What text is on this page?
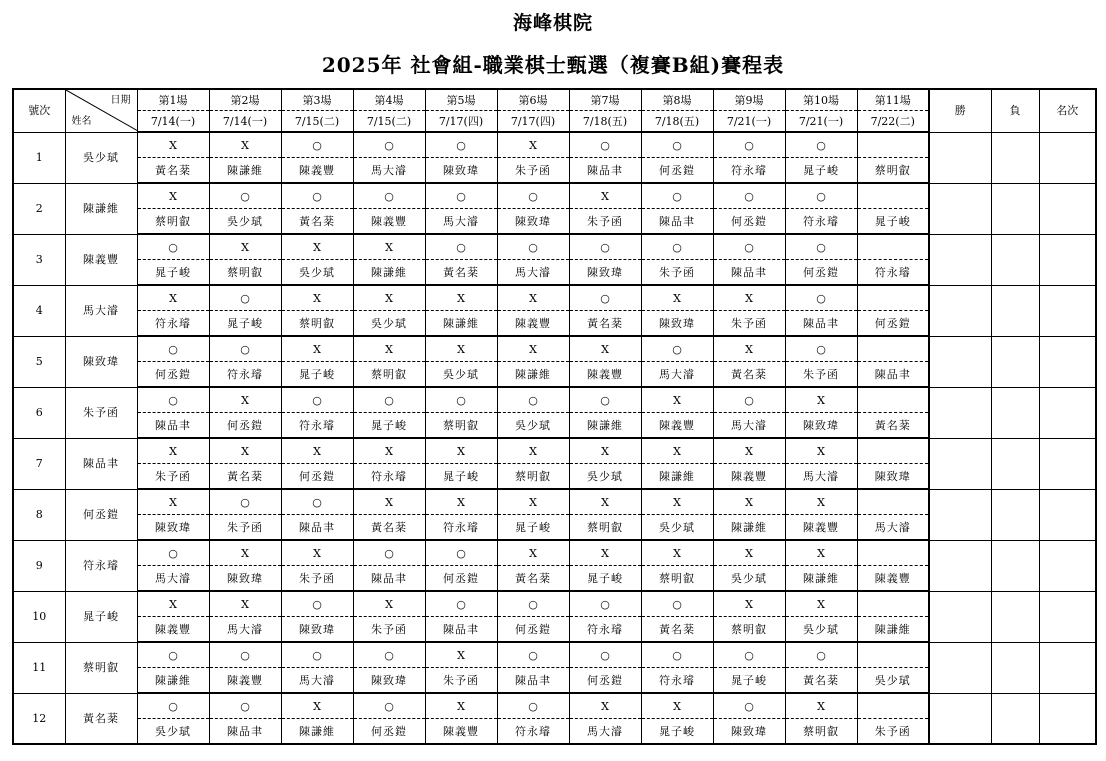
海峰棋院
2025年 社會組-職業棋士甄選（複賽B組)賽程表
號次	日期
姓名	第1場	第2場	第3場	第4場	第5場	第6場	第7場	第8場	第9場	第10場	第11場	勝	負	名次
		7/14(一)	7/14(一)	7/15(二)	7/15(二)	7/17(四)	7/17(四)	7/18(五)	7/18(五)	7/21(一)	7/21(一)	7/22(二)			
1	吳少珷	X	X	○	○	○	X	○	○	○	○				
		黃名棻	陳謙維	陳義豐	馬大濬	陳致瑋	朱予函	陳品聿	何丞鎧	符永璿	晁子峻	蔡明叡			
2	陳謙維	X	○	○	○	○	○	X	○	○	○				
		蔡明叡	吳少珷	黃名棻	陳義豐	馬大濬	陳致瑋	朱予函	陳品聿	何丞鎧	符永璿	晁子峻			
3	陳義豐	○	X	X	X	○	○	○	○	○	○				
		晁子峻	蔡明叡	吳少珷	陳謙維	黃名棻	馬大濬	陳致瑋	朱予函	陳品聿	何丞鎧	符永璿			
4	馬大濬	X	○	X	X	X	X	○	X	X	○				
		符永璿	晁子峻	蔡明叡	吳少珷	陳謙維	陳義豐	黃名棻	陳致瑋	朱予函	陳品聿	何丞鎧			
5	陳致瑋	○	○	X	X	X	X	X	○	X	○				
		何丞鎧	符永璿	晁子峻	蔡明叡	吳少珷	陳謙維	陳義豐	馬大濬	黃名棻	朱予函	陳品聿			
6	朱予函	○	X	○	○	○	○	○	X	○	X				
		陳品聿	何丞鎧	符永璿	晁子峻	蔡明叡	吳少珷	陳謙維	陳義豐	馬大濬	陳致瑋	黃名棻			
7	陳品聿	X	X	X	X	X	X	X	X	X	X				
		朱予函	黃名棻	何丞鎧	符永璿	晁子峻	蔡明叡	吳少珷	陳謙維	陳義豐	馬大濬	陳致瑋			
8	何丞鎧	X	○	○	X	X	X	X	X	X	X				
		陳致瑋	朱予函	陳品聿	黃名棻	符永璿	晁子峻	蔡明叡	吳少珷	陳謙維	陳義豐	馬大濬			
9	符永璿	○	X	X	○	○	X	X	X	X	X				
		馬大濬	陳致瑋	朱予函	陳品聿	何丞鎧	黃名棻	晁子峻	蔡明叡	吳少珷	陳謙維	陳義豐			
10	晁子峻	X	X	○	X	○	○	○	○	X	X				
		陳義豐	馬大濬	陳致瑋	朱予函	陳品聿	何丞鎧	符永璿	黃名棻	蔡明叡	吳少珷	陳謙維			
11	蔡明叡	○	○	○	○	X	○	○	○	○	○				
		陳謙維	陳義豐	馬大濬	陳致瑋	朱予函	陳品聿	何丞鎧	符永璿	晁子峻	黃名棻	吳少珷			
12	黃名棻	○	○	X	○	X	○	X	X	○	X				
		吳少珷	陳品聿	陳謙維	何丞鎧	陳義豐	符永璿	馬大濬	晁子峻	陳致瑋	蔡明叡	朱予函			
